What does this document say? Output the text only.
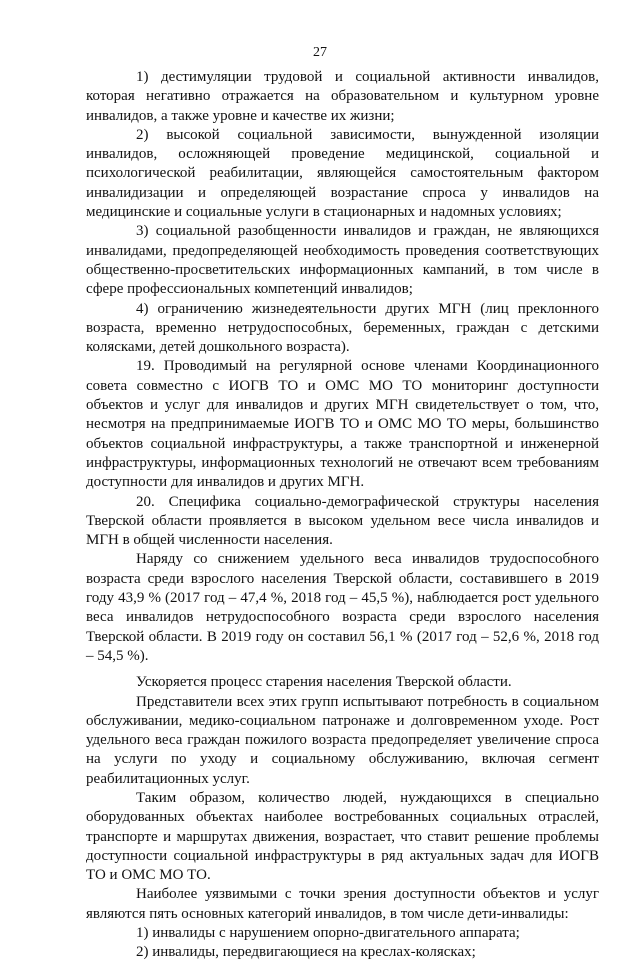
27

1) дестимуляции трудовой и социальной активности инвалидов, которая негативно отражается на образовательном и культурном уровне инвалидов, а также уровне и качестве их жизни;

2) высокой социальной зависимости, вынужденной изоляции инвалидов, осложняющей проведение медицинской, социальной и психологической реабилитации, являющейся самостоятельным фактором инвалидизации и определяющей возрастание спроса у инвалидов на медицинские и социальные услуги в стационарных и надомных условиях;

3) социальной разобщенности инвалидов и граждан, не являющихся инвалидами, предопределяющей необходимость проведения соответствующих общественно-просветительских информационных кампаний, в том числе в сфере профессиональных компетенций инвалидов;

4) ограничению жизнедеятельности других МГН (лиц преклонного возраста, временно нетрудоспособных, беременных, граждан с детскими колясками, детей дошкольного возраста).

19. Проводимый на регулярной основе членами Координационного совета совместно с ИОГВ ТО и ОМС МО ТО мониторинг доступности объектов и услуг для инвалидов и других МГН свидетельствует о том, что, несмотря на предпринимаемые ИОГВ ТО и ОМС МО ТО меры, большинство объектов социальной инфраструктуры, а также транспортной и инженерной инфраструктуры, информационных технологий не отвечают всем требованиям доступности для инвалидов и других МГН.

20. Специфика социально-демографической структуры населения Тверской области проявляется в высоком удельном весе числа инвалидов и МГН в общей численности населения.

Наряду со снижением удельного веса инвалидов трудоспособного возраста среди взрослого населения Тверской области, составившего в 2019 году 43,9 % (2017 год – 47,4 %, 2018 год – 45,5 %), наблюдается рост удельного веса инвалидов нетрудоспособного возраста среди взрослого населения Тверской области. В 2019 году он составил 56,1 % (2017 год – 52,6 %, 2018 год – 54,5 %).

Ускоряется процесс старения населения Тверской области.

Представители всех этих групп испытывают потребность в социальном обслуживании, медико-социальном патронаже и долговременном уходе. Рост удельного веса граждан пожилого возраста предопределяет увеличение спроса на услуги по уходу и социальному обслуживанию, включая сегмент реабилитационных услуг.

Таким образом, количество людей, нуждающихся в специально оборудованных объектах наиболее востребованных социальных отраслей, транспорте и маршрутах движения, возрастает, что ставит решение проблемы доступности социальной инфраструктуры в ряд актуальных задач для ИОГВ ТО и ОМС МО ТО.

Наиболее уязвимыми с точки зрения доступности объектов и услуг являются пять основных категорий инвалидов, в том числе дети-инвалиды:

1) инвалиды с нарушением опорно-двигательного аппарата;

2) инвалиды, передвигающиеся на креслах-колясках;
